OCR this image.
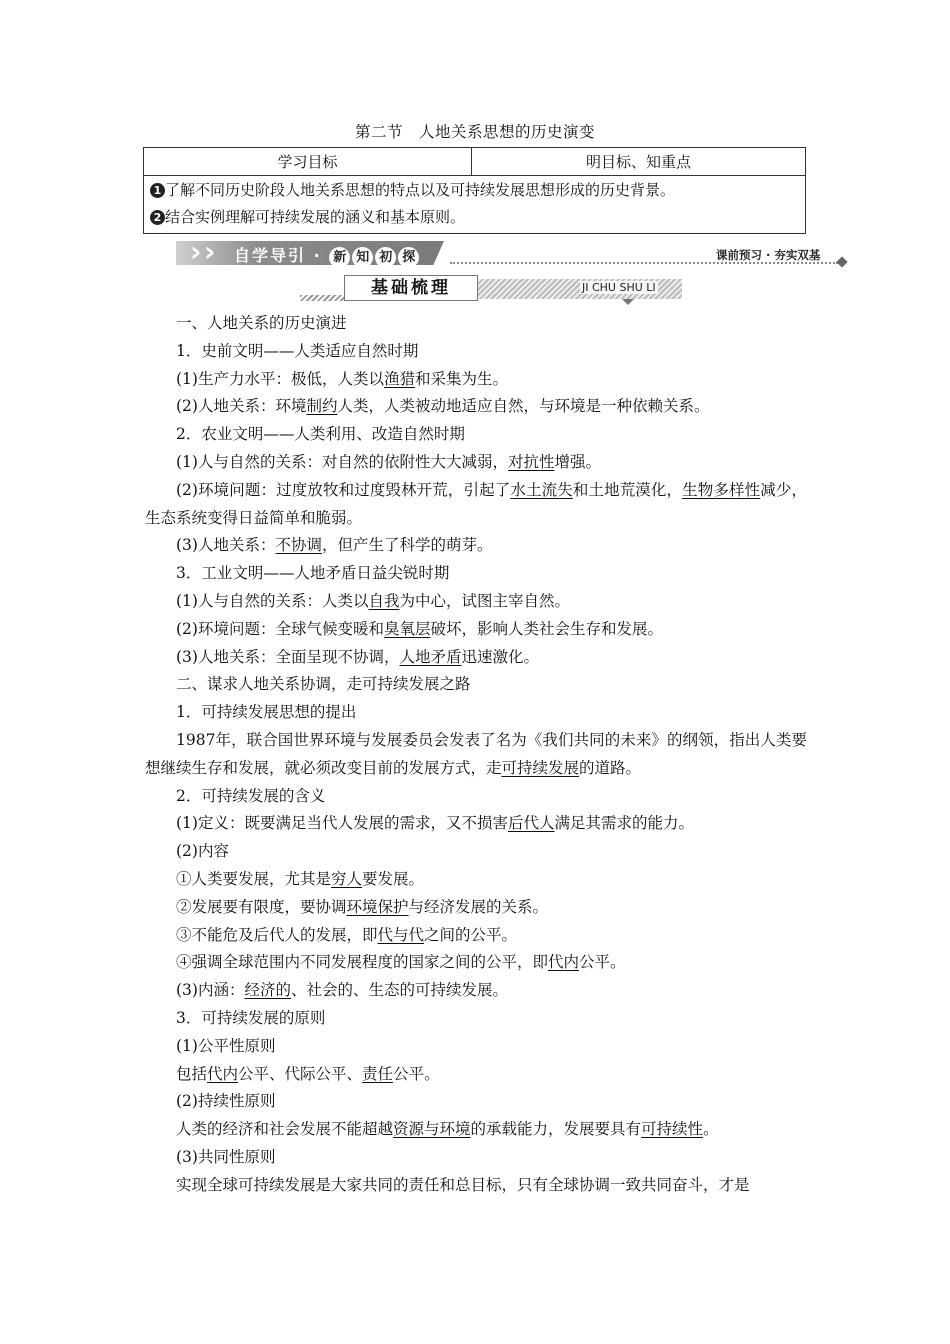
第二节　人地关系思想的历史演变
学习目标	明目标、知重点

1 了解不同历史阶段人地关系思想的特点以及可持续发展思想形成的历史背景。
2 结合实例理解可持续发展的涵义和基本原则。
› › 自学导引 · 新 知 初 探	课前预习 · 夯实双基
基础梳理	JI CHU SHU LI

一、人地关系的历史演进

1．史前文明——人类适应自然时期

(1)生产力水平：极低，人类以渔猎和采集为生。

(2)人地关系：环境制约人类，人类被动地适应自然，与环境是一种依赖关系。

2．农业文明——人类利用、改造自然时期

(1)人与自然的关系：对自然的依附性大大减弱，对抗性增强。

(2)环境问题：过度放牧和过度毁林开荒，引起了水土流失和土地荒漠化，生物多样性减少，生态系统变得日益简单和脆弱。

(3)人地关系：不协调，但产生了科学的萌芽。

3．工业文明——人地矛盾日益尖锐时期

(1)人与自然的关系：人类以自我为中心，试图主宰自然。

(2)环境问题：全球气候变暖和臭氧层破坏，影响人类社会生存和发展。

(3)人地关系：全面呈现不协调，人地矛盾迅速激化。

二、谋求人地关系协调，走可持续发展之路

1．可持续发展思想的提出

1987年，联合国世界环境与发展委员会发表了名为《我们共同的未来》的纲领，指出人类要想继续生存和发展，就必须改变目前的发展方式，走可持续发展的道路。

2．可持续发展的含义

(1)定义：既要满足当代人发展的需求，又不损害后代人满足其需求的能力。

(2)内容

①人类要发展，尤其是穷人要发展。

②发展要有限度，要协调环境保护与经济发展的关系。

③不能危及后代人的发展，即代与代之间的公平。

④强调全球范围内不同发展程度的国家之间的公平，即代内公平。

(3)内涵：经济的、社会的、生态的可持续发展。

3．可持续发展的原则

(1)公平性原则

包括代内公平、代际公平、责任公平。

(2)持续性原则

人类的经济和社会发展不能超越资源与环境的承载能力，发展要具有可持续性。

(3)共同性原则

实现全球可持续发展是大家共同的责任和总目标，只有全球协调一致共同奋斗，才是
